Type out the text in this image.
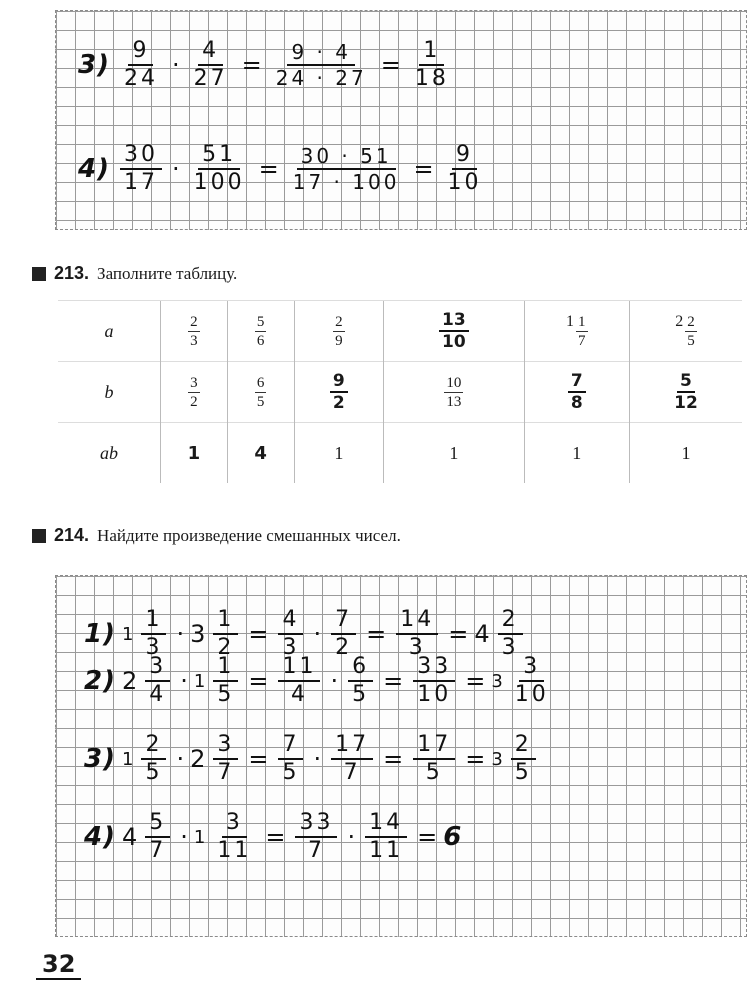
$3) \frac{9}{24} \cdot \frac{4}{27} = \frac{9 \cdot 4}{24 \cdot 27} = \frac{1}{18}$
$4) \frac{30}{17} \cdot \frac{51}{100} = \frac{30 \cdot 51}{17 \cdot 100} = \frac{9}{10}$
213. Заполните таблицу.
a	$\frac{2}{3}$	$\frac{5}{6}$	$\frac{2}{9}$	$\frac{13}{10}$	$1 \frac{1}{7}$	$2 \frac{2}{5}$

b	$\frac{3}{2}$	$\frac{6}{5}$	$\frac{9}{2}$	$\frac{10}{13}$	$\frac{7}{8}$	$\frac{5}{12}$

ab	1	4	1	1	1	1
214. Найдите произведение смешанных чисел.
1) $1 \frac{1}{3} \cdot 3 \frac{1}{2} = \frac{4}{3} \cdot \frac{7}{2} = \frac{14}{3} = 4 \frac{2}{3}$
2) $2 \frac{3}{4} \cdot 1 \frac{1}{5} = \frac{11}{4} \cdot \frac{6}{5} = \frac{33}{10} = 3 \frac{3}{10}$
3) $1 \frac{2}{5} \cdot 2 \frac{3}{7} = \frac{7}{5} \cdot \frac{17}{7} = \frac{17}{5} = 3 \frac{2}{5}$
4) $4 \frac{5}{7} \cdot 1 \frac{3}{11} = \frac{33}{7} \cdot \frac{14}{11} = 6$
32
